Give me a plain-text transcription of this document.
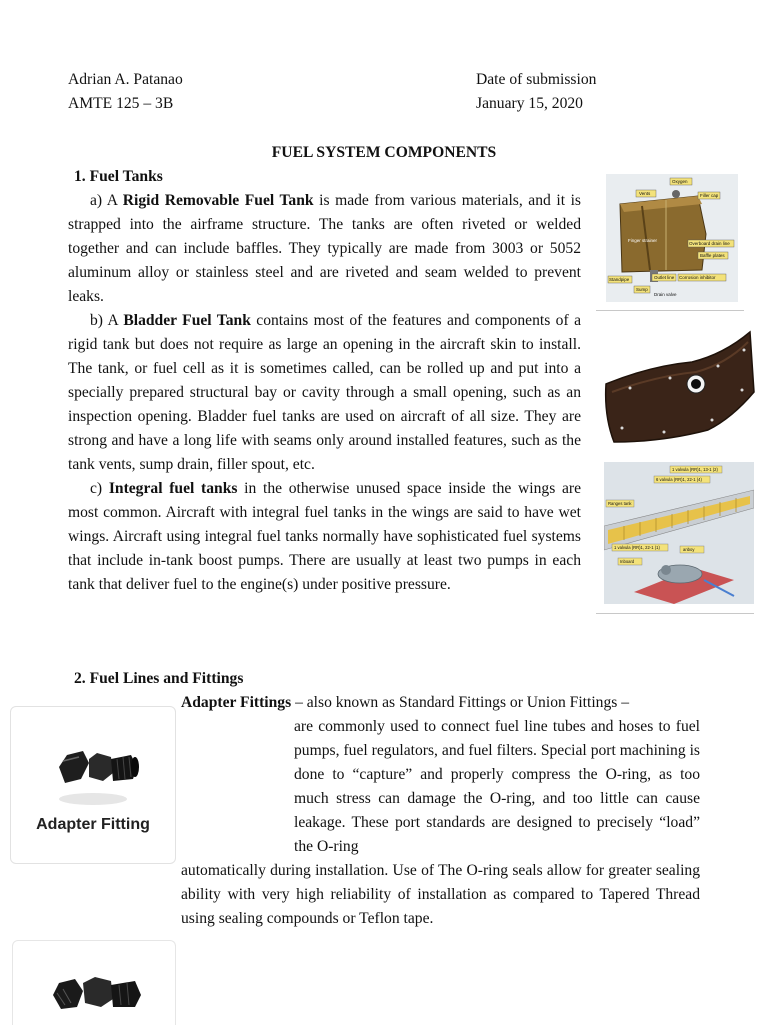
Adrian A. Patanao
AMTE 125 – 3B
Date of submission
January 15, 2020
FUEL SYSTEM COMPONENTS
1. Fuel Tanks

a) A Rigid Removable Fuel Tank is made from various materials, and it is strapped into the airframe structure. The tanks are often riveted or welded together and can include baffles. They typically are made from 3003 or 5052 aluminum alloy or stainless steel and are riveted and seam welded to prevent leaks.

b) A Bladder Fuel Tank contains most of the features and components of a rigid tank but does not require as large an opening in the aircraft skin to install. The tank, or fuel cell as it is sometimes called, can be rolled up and put into a specially prepared structural bay or cavity through a small opening, such as an inspection opening. Bladder fuel tanks are used on aircraft of all size. They are strong and have a long life with seams only around installed features, such as the tank vents, sump drain, filler spout, etc.

c) Integral fuel tanks in the otherwise unused space inside the wings are most common. Aircraft with integral fuel tanks in the wings are said to have wet wings. Aircraft using integral fuel tanks normally have sophisticated fuel systems that include in-tank boost pumps. There are usually at least two pumps in each tank that deliver fuel to the engine(s) under positive pressure.

Oxygen
Filler cap
Vents
Overboard drain line
Baffle plates
Finger strainer
Standpipe
Sump
Drain valve
Outlet line Corrosion inhibitor
1 valvula (RR)1, 13-1 (2)
6 valvula (RR)1, 22-1 (4)
Ranges tank
1 valvula (RR)1, 22-1 (1)	anboy
Inboard
2. Fuel Lines and Fittings
Adapter Fittings – also known as Standard Fittings or Union Fittings –
are commonly used to connect fuel line tubes and hoses to fuel pumps, fuel regulators, and fuel filters. Special port machining is done to “capture” and properly compress the O-ring, as too much stress can damage the O-ring, and too little can cause leakage. These port standards are designed to precisely “load” the O-ring
automatically during installation. Use of The O-ring seals allow for greater sealing ability with very high reliability of installation as compared to Tapered Thread using sealing compounds or Teflon tape.
Adapter Fitting
